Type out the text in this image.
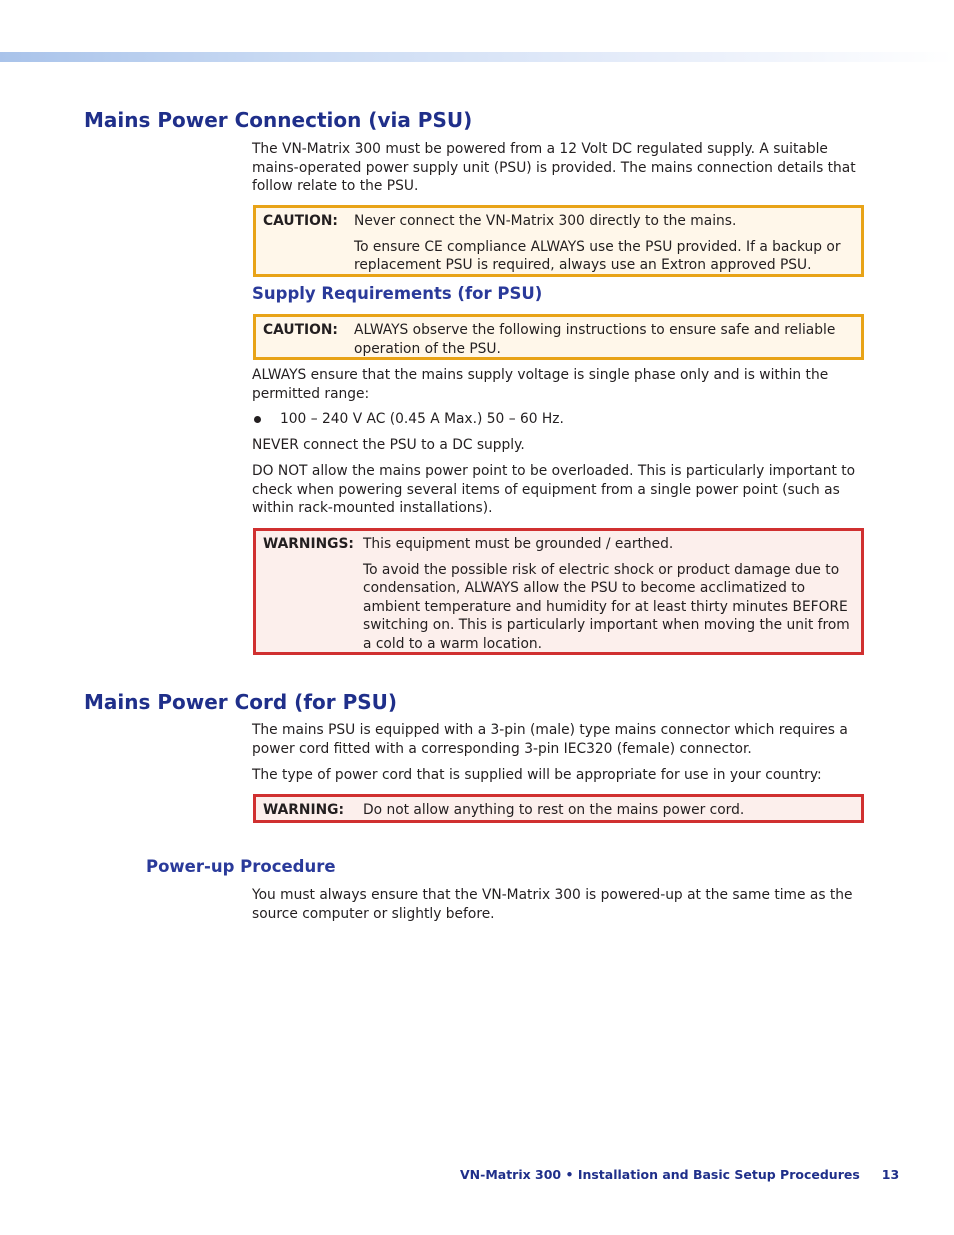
Mains Power Connection (via PSU)

The VN-Matrix 300 must be powered from a 12 Volt DC regulated supply. A suitable mains-operated power supply unit (PSU) is provided. The mains connection details that follow relate to the PSU.

CAUTION: Never connect the VN-Matrix 300 directly to the mains.
To ensure CE compliance ALWAYS use the PSU provided. If a backup or replacement PSU is required, always use an Extron approved PSU.
Supply Requirements (for PSU)
CAUTION: ALWAYS observe the following instructions to ensure safe and reliable operation of the PSU.

ALWAYS ensure that the mains supply voltage is single phase only and is within the permitted range:

100 – 240 V AC (0.45 A Max.) 50 – 60 Hz.

NEVER connect the PSU to a DC supply.

DO NOT allow the mains power point to be overloaded. This is particularly important to check when powering several items of equipment from a single power point (such as within rack-mounted installations).

WARNINGS: This equipment must be grounded / earthed.
To avoid the possible risk of electric shock or product damage due to condensation, ALWAYS allow the PSU to become acclimatized to ambient temperature and humidity for at least thirty minutes BEFORE switching on. This is particularly important when moving the unit from a cold to a warm location.
Mains Power Cord (for PSU)

The mains PSU is equipped with a 3-pin (male) type mains connector which requires a power cord fitted with a corresponding 3-pin IEC320 (female) connector.

The type of power cord that is supplied will be appropriate for use in your country:

WARNING: Do not allow anything to rest on the mains power cord.
Power-up Procedure

You must always ensure that the VN-Matrix 300 is powered-up at the same time as the source computer or slightly before.

VN-Matrix 300 • Installation and Basic Setup Procedures 13
